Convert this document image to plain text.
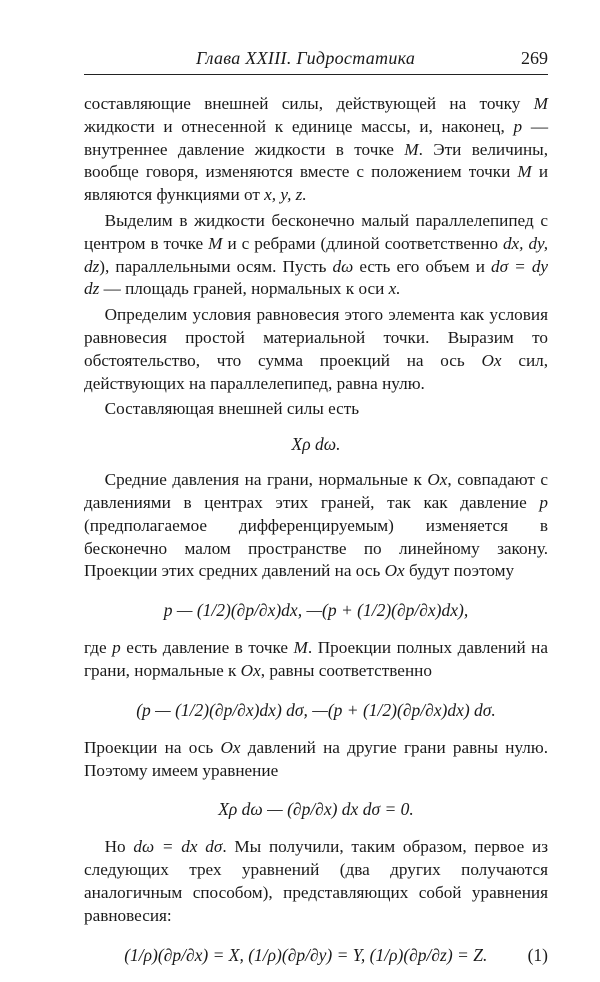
Глава XXIII. Гидростатика	269

составляющие внешней силы, действующей на точку M жидкости и отнесенной к единице массы, и, наконец, p — внутреннее давление жидкости в точке M. Эти величины, вообще говоря, изменяются вместе с положением точки M и являются функциями от x, y, z.

Выделим в жидкости бесконечно малый параллелепипед с центром в точке M и с ребрами (длиной соответственно dx, dy, dz), параллельными осям. Пусть dω есть его объем и dσ = dy dz — площадь граней, нормальных к оси x.

Определим условия равновесия этого элемента как условия равновесия простой материальной точки. Выразим то обстоятельство, что сумма проекций на ось Ox сил, действующих на параллелепипед, равна нулю.

Составляющая внешней силы есть

Xρ dω.

Средние давления на грани, нормальные к Ox, совпадают с давлениями в центрах этих граней, так как давление p (предполагаемое дифференцируемым) изменяется в бесконечно малом пространстве по линейному закону. Проекции этих средних давлений на ось Ox будут поэтому

p — (1/2)(∂p/∂x)dx, —(p + (1/2)(∂p/∂x)dx),

где p есть давление в точке M. Проекции полных давлений на грани, нормальные к Ox, равны соответственно

(p — (1/2)(∂p/∂x)dx) dσ, —(p + (1/2)(∂p/∂x)dx) dσ.

Проекции на ось Ox давлений на другие грани равны нулю. Поэтому имеем уравнение

Xρ dω — (∂p/∂x) dx dσ = 0.

Но dω = dx dσ. Мы получили, таким образом, первое из следующих трех уравнений (два других получаются аналогичным способом), представляющих собой уравнения равновесия:

(1)
(1/ρ)(∂p/∂x) = X, (1/ρ)(∂p/∂y) = Y, (1/ρ)(∂p/∂z) = Z.
